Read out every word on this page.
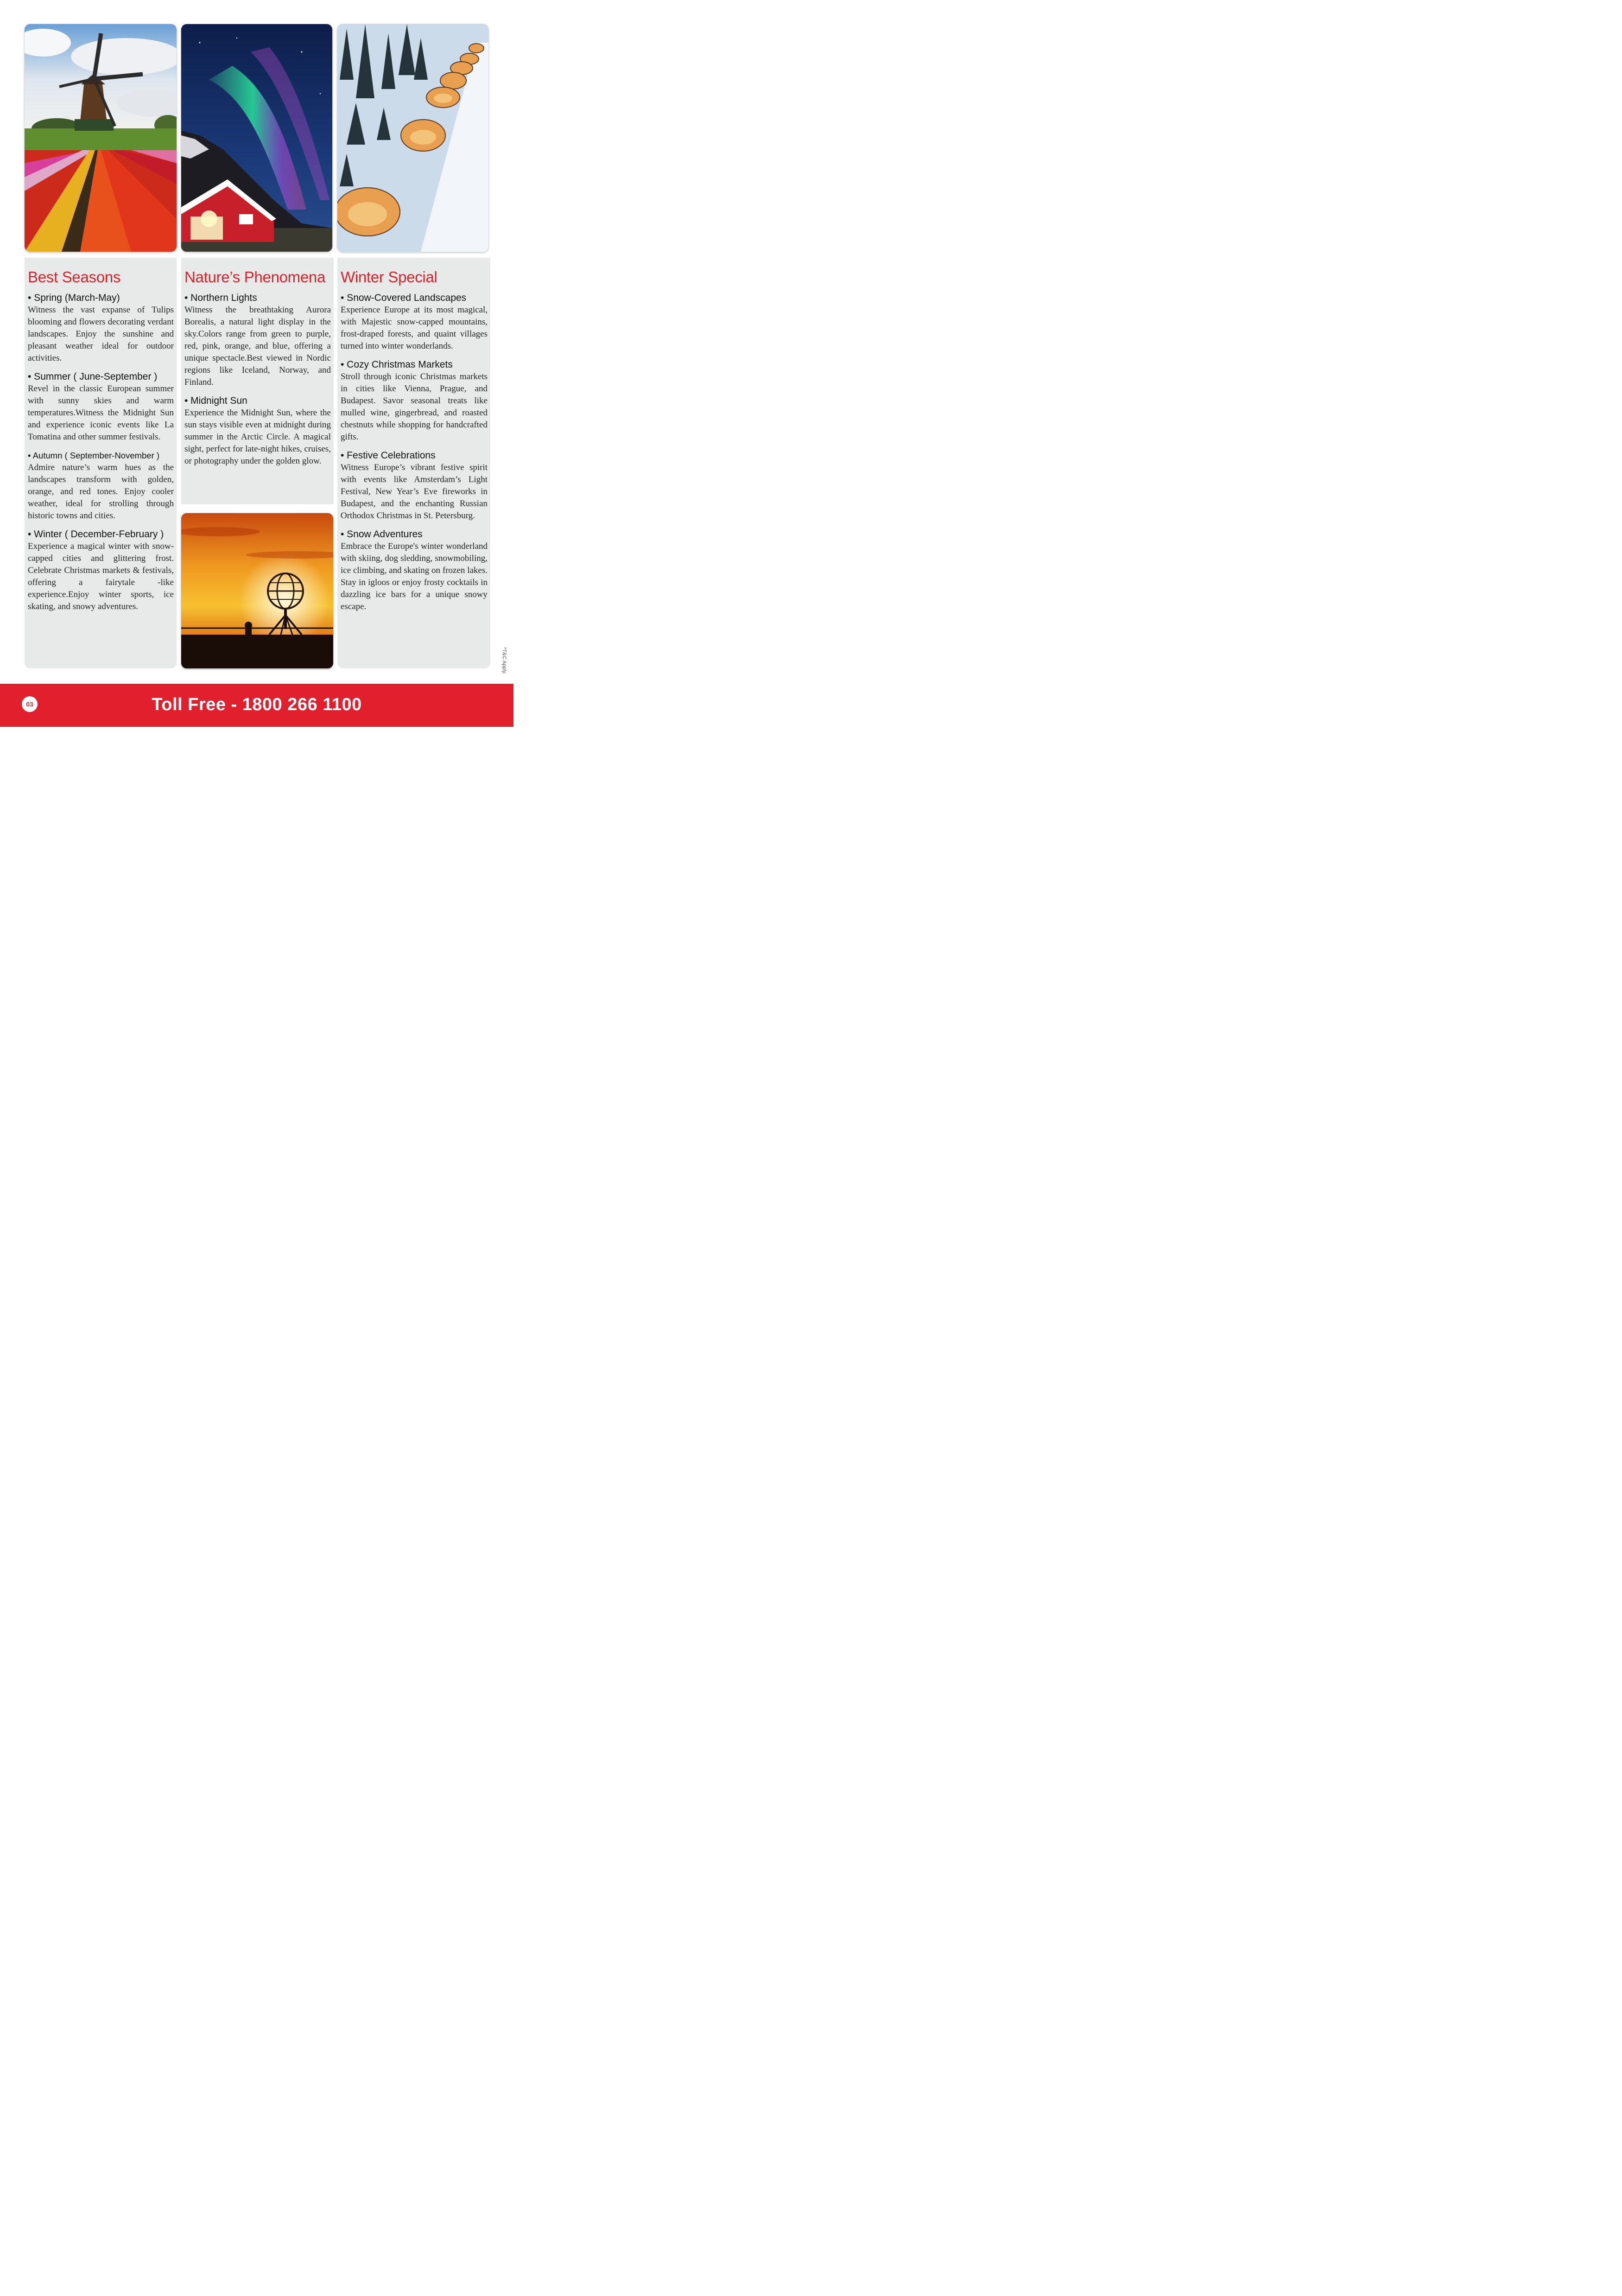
Best Seasons
• Spring (March-May)
Witness the vast expanse of Tulips blooming and flowers decorating verdant landscapes. Enjoy the sunshine and pleasant weather ideal for outdoor activities.
• Summer ( June-September )
Revel in the classic European summer with sunny skies and warm temperatures.Witness the Midnight Sun and experience iconic events like La Tomatina and other summer festivals.
• Autumn ( September-November )
Admire nature’s warm hues as the landscapes transform with golden, orange, and red tones. Enjoy cooler weather, ideal for strolling through historic towns and cities.
• Winter ( December-February )
Experience a magical winter with snow-capped cities and glittering frost. Celebrate Christmas markets & festivals, offering a fairytale -like experience.Enjoy winter sports, ice skating, and snowy adventures.
Nature’s Phenomena
• Northern Lights
Witness the breathtaking Aurora Borealis, a natural light display in the sky.Colors range from green to purple, red, pink, orange, and blue, offering a unique spectacle.Best viewed in Nordic regions like Iceland, Norway, and Finland.
• Midnight Sun
Experience the Midnight Sun, where the sun stays visible even at midnight during summer in the Arctic Circle. A magical sight, perfect for late-night hikes, cruises, or photography under the golden glow.
Winter Special
• Snow-Covered Landscapes
Experience Europe at its most magical, with Majestic snow-capped mountains, frost-draped forests, and quaint villages turned into winter wonderlands.
• Cozy Christmas Markets
Stroll through iconic Christmas markets in cities like Vienna, Prague, and Budapest. Savor seasonal treats like mulled wine, gingerbread, and roasted chestnuts while shopping for handcrafted gifts.
• Festive Celebrations
Witness Europe’s vibrant festive spirit with events like Amsterdam’s Light Festival, New Year’s Eve fireworks in Budapest, and the enchanting Russian Orthodox Christmas in St. Petersburg.
• Snow Adventures
Embrace the Europe's winter wonderland with skiing, dog sledding, snowmobiling, ice climbing, and skating on frozen lakes. Stay in igloos or enjoy frosty cocktails in dazzling ice bars for a unique snowy escape.
*T&C Apply.
03	Toll Free - 1800 266 1100
